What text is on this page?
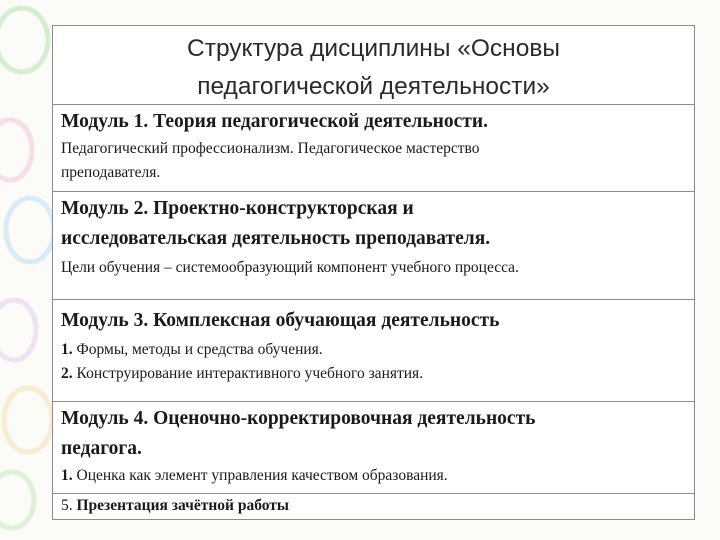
Структура дисциплины «Основы
педагогической деятельности»
Модуль 1. Теория педагогической деятельности.
Педагогический профессионализм. Педагогическое мастерство
преподавателя.
Модуль 2. Проектно-конструкторская и
исследовательская деятельность преподавателя.
Цели обучения – системообразующий компонент учебного процесса.
Модуль 3. Комплексная обучающая деятельность
1. Формы, методы и средства обучения.
2. Конструирование интерактивного учебного занятия.
Модуль 4. Оценочно-корректировочная деятельность
педагога.
1. Оценка как элемент управления качеством образования.
5. Презентация зачётной работы
